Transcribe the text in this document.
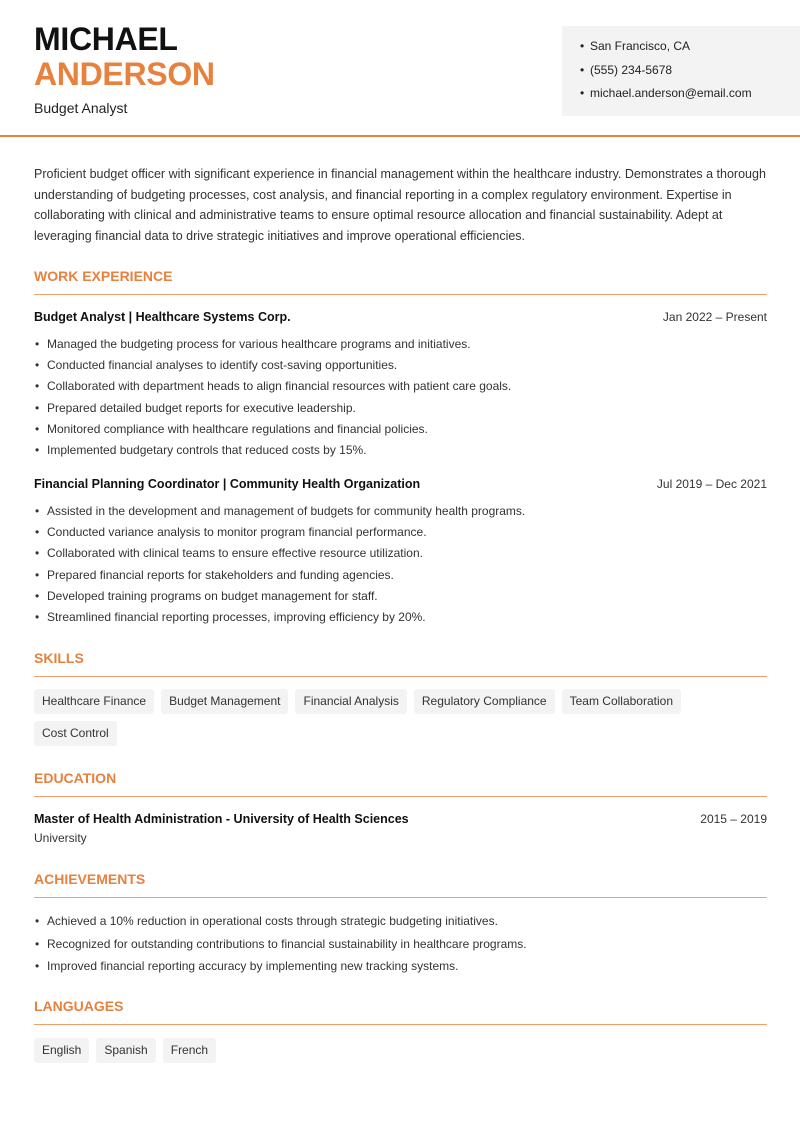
MICHAEL
ANDERSON
Budget Analyst
• San Francisco, CA
• (555) 234-5678
• michael.anderson@email.com

Proficient budget officer with significant experience in financial management within the healthcare industry. Demonstrates a thorough understanding of budgeting processes, cost analysis, and financial reporting in a complex regulatory environment. Expertise in collaborating with clinical and administrative teams to ensure optimal resource allocation and financial sustainability. Adept at leveraging financial data to drive strategic initiatives and improve operational efficiencies.

WORK EXPERIENCE
Budget Analyst | Healthcare Systems Corp.	Jan 2022 – Present
• Managed the budgeting process for various healthcare programs and initiatives.
• Conducted financial analyses to identify cost-saving opportunities.
• Collaborated with department heads to align financial resources with patient care goals.
• Prepared detailed budget reports for executive leadership.
• Monitored compliance with healthcare regulations and financial policies.
• Implemented budgetary controls that reduced costs by 15%.
Financial Planning Coordinator | Community Health Organization	Jul 2019 – Dec 2021
• Assisted in the development and management of budgets for community health programs.
• Conducted variance analysis to monitor program financial performance.
• Collaborated with clinical teams to ensure effective resource utilization.
• Prepared financial reports for stakeholders and funding agencies.
• Developed training programs on budget management for staff.
• Streamlined financial reporting processes, improving efficiency by 20%.
SKILLS
Healthcare Finance	Budget Management	Financial Analysis	Regulatory Compliance	Team Collaboration
Cost Control
EDUCATION
Master of Health Administration - University of Health Sciences	2015 – 2019
University
ACHIEVEMENTS
• Achieved a 10% reduction in operational costs through strategic budgeting initiatives.
• Recognized for outstanding contributions to financial sustainability in healthcare programs.
• Improved financial reporting accuracy by implementing new tracking systems.
LANGUAGES
English	Spanish	French
